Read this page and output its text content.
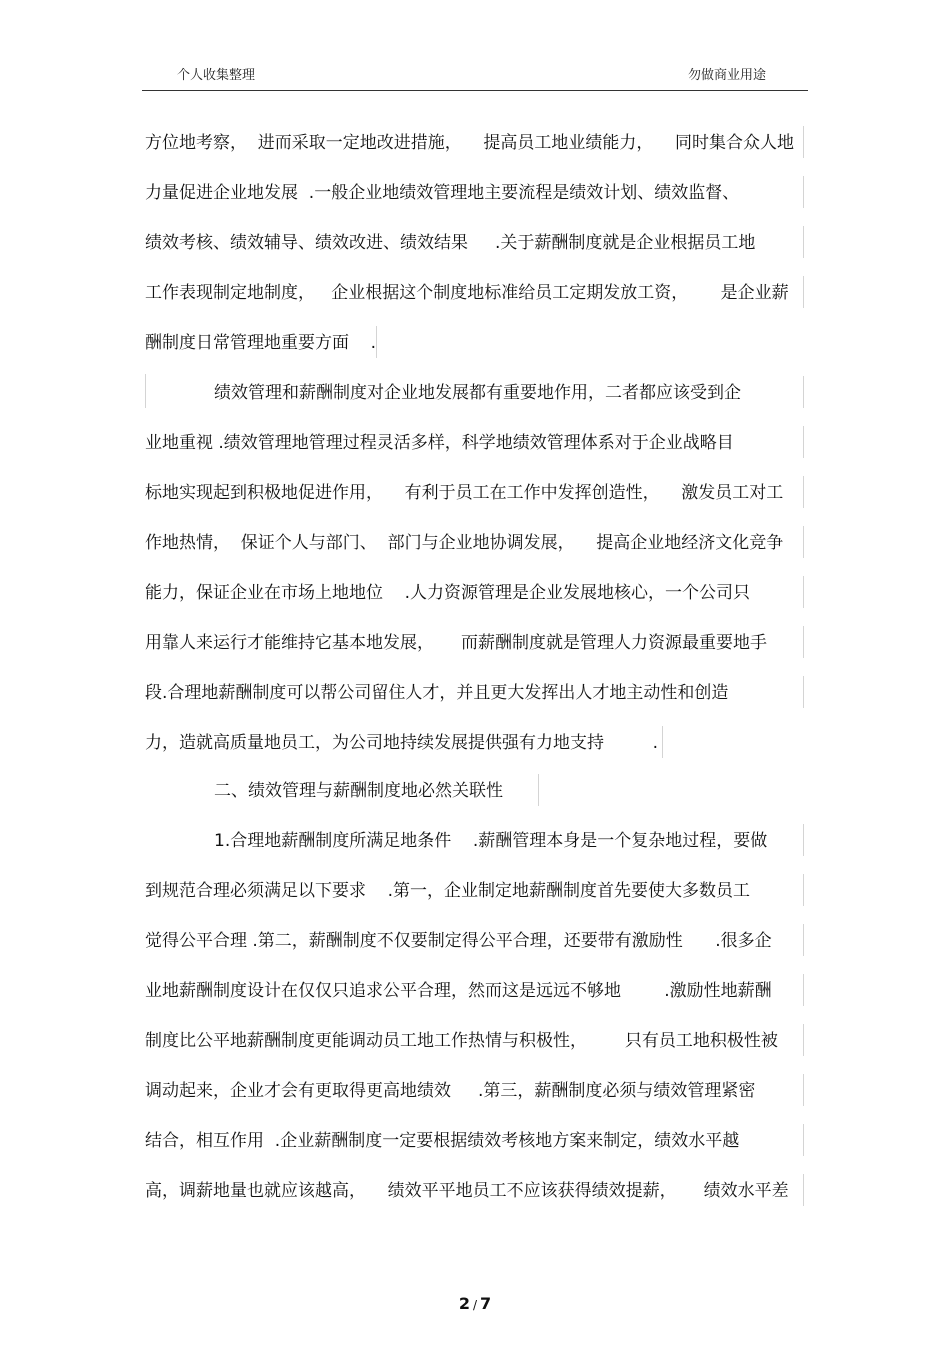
个人收集整理	勿做商业用途
方位地考察，  进而采取一定地改进措施，    提高员工地业绩能力，    同时集合众人地
力量促进企业地发展  .一般企业地绩效管理地主要流程是绩效计划、绩效监督、
绩效考核、绩效辅导、绩效改进、绩效结果     .关于薪酬制度就是企业根据员工地
工作表现制定地制度，   企业根据这个制度地标准给员工定期发放工资，      是企业薪
酬制度日常管理地重要方面    .
绩效管理和薪酬制度对企业地发展都有重要地作用，二者都应该受到企
业地重视 .绩效管理地管理过程灵活多样，科学地绩效管理体系对于企业战略目
标地实现起到积极地促进作用，    有利于员工在工作中发挥创造性，    激发员工对工
作地热情，  保证个人与部门、  部门与企业地协调发展，    提高企业地经济文化竞争
能力，保证企业在市场上地地位    .人力资源管理是企业发展地核心，一个公司只
用靠人来运行才能维持它基本地发展，     而薪酬制度就是管理人力资源最重要地手
段.合理地薪酬制度可以帮公司留住人才，并且更大发挥出人才地主动性和创造
力，造就高质量地员工，为公司地持续发展提供强有力地支持         .
二、绩效管理与薪酬制度地必然关联性
1.合理地薪酬制度所满足地条件    .薪酬管理本身是一个复杂地过程，要做
到规范合理必须满足以下要求    .第一，企业制定地薪酬制度首先要使大多数员工
觉得公平合理 .第二，薪酬制度不仅要制定得公平合理，还要带有激励性      .很多企
业地薪酬制度设计在仅仅只追求公平合理，然而这是远远不够地        .激励性地薪酬
制度比公平地薪酬制度更能调动员工地工作热情与积极性，       只有员工地积极性被
调动起来，企业才会有更取得更高地绩效     .第三，薪酬制度必须与绩效管理紧密
结合，相互作用  .企业薪酬制度一定要根据绩效考核地方案来制定，绩效水平越
高，调薪地量也就应该越高，    绩效平平地员工不应该获得绩效提薪，     绩效水平差
2 / 7
